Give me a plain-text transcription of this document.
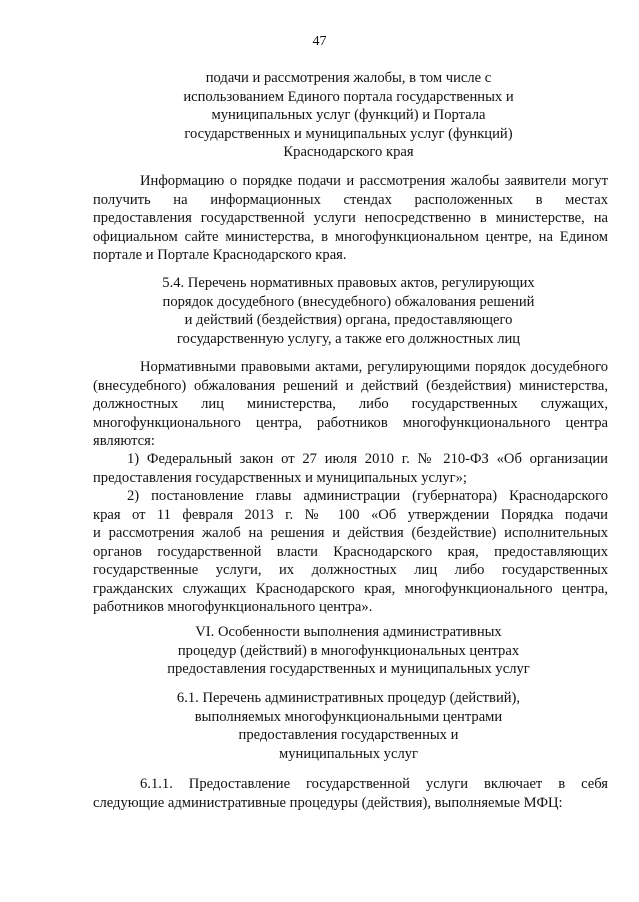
47
подачи и рассмотрения жалобы, в том числе с
использованием Единого портала государственных и
муниципальных услуг (функций) и Портала
государственных и муниципальных услуг (функций)
Краснодарского края
Информацию о порядке подачи и рассмотрения жалобы заявители могут
получить на информационных стендах расположенных в местах
предоставления государственной услуги непосредственно в министерстве, на
официальном сайте министерства, в многофункциональном центре, на Едином
портале и Портале Краснодарского края.
5.4. Перечень нормативных правовых актов, регулирующих
порядок досудебного (внесудебного) обжалования решений
и действий (бездействия) органа, предоставляющего
государственную услугу, а также его должностных лиц
Нормативными правовыми актами, регулирующими порядок досудебного
(внесудебного) обжалования решений и действий (бездействия) министерства,
должностных лиц министерства, либо государственных служащих,
многофункционального центра, работников многофункционального центра
являются:
1) Федеральный закон от 27 июля 2010 г. № 210-ФЗ «Об организации
предоставления государственных и муниципальных услуг»;
2) постановление главы администрации (губернатора) Краснодарского
края от 11 февраля 2013 г. № 100 «Об утверждении Порядка подачи
и рассмотрения жалоб на решения и действия (бездействие) исполнительных
органов государственной власти Краснодарского края, предоставляющих
государственные услуги, их должностных лиц либо государственных
гражданских служащих Краснодарского края, многофункционального центра,
работников многофункционального центра».
VI. Особенности выполнения административных
процедур (действий) в многофункциональных центрах
предоставления государственных и муниципальных услуг
6.1. Перечень административных процедур (действий),
выполняемых многофункциональными центрами
предоставления государственных и
муниципальных услуг
6.1.1. Предоставление государственной услуги включает в себя
следующие административные процедуры (действия), выполняемые МФЦ:
